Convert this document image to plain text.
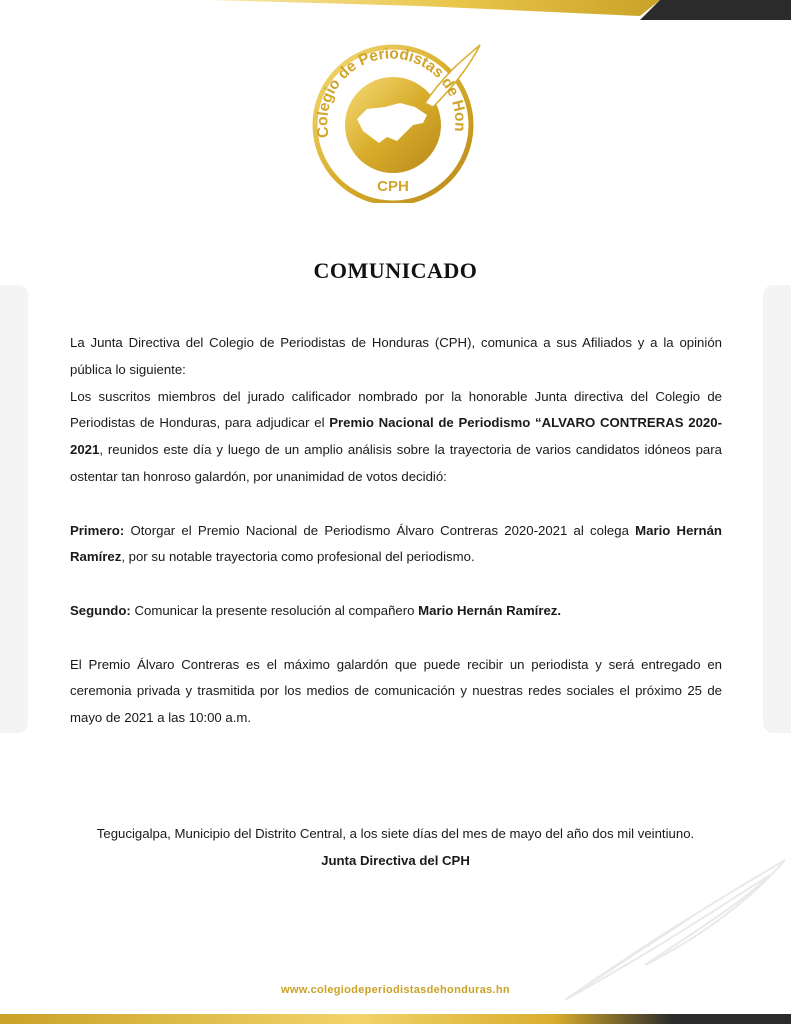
Colegio de Periodistas de Hon
CPH
COMUNICADO

La Junta Directiva del Colegio de Periodistas de Honduras (CPH), comunica a sus Afiliados y a la opinión pública lo siguiente:

Los suscritos miembros del jurado calificador nombrado por la honorable Junta directiva del Colegio de Periodistas de Honduras, para adjudicar el Premio Nacional de Periodismo “ALVARO CONTRERAS 2020-2021, reunidos este día y luego de un amplio análisis sobre la trayectoria de varios candidatos idóneos para ostentar tan honroso galardón, por unanimidad de votos decidió:

Primero: Otorgar el Premio Nacional de Periodismo Álvaro Contreras 2020-2021 al colega Mario Hernán Ramírez, por su notable trayectoria como profesional del periodismo.

Segundo: Comunicar la presente resolución al compañero Mario Hernán Ramírez.

El Premio Álvaro Contreras es el máximo galardón que puede recibir un periodista y será entregado en ceremonia privada y trasmitida por los medios de comunicación y nuestras redes sociales el próximo 25 de mayo de 2021 a las 10:00 a.m.

Tegucigalpa, Municipio del Distrito Central, a los siete días del mes de mayo del año dos mil veintiuno.
Junta Directiva del CPH
www.colegiodeperiodistasdehonduras.hn
